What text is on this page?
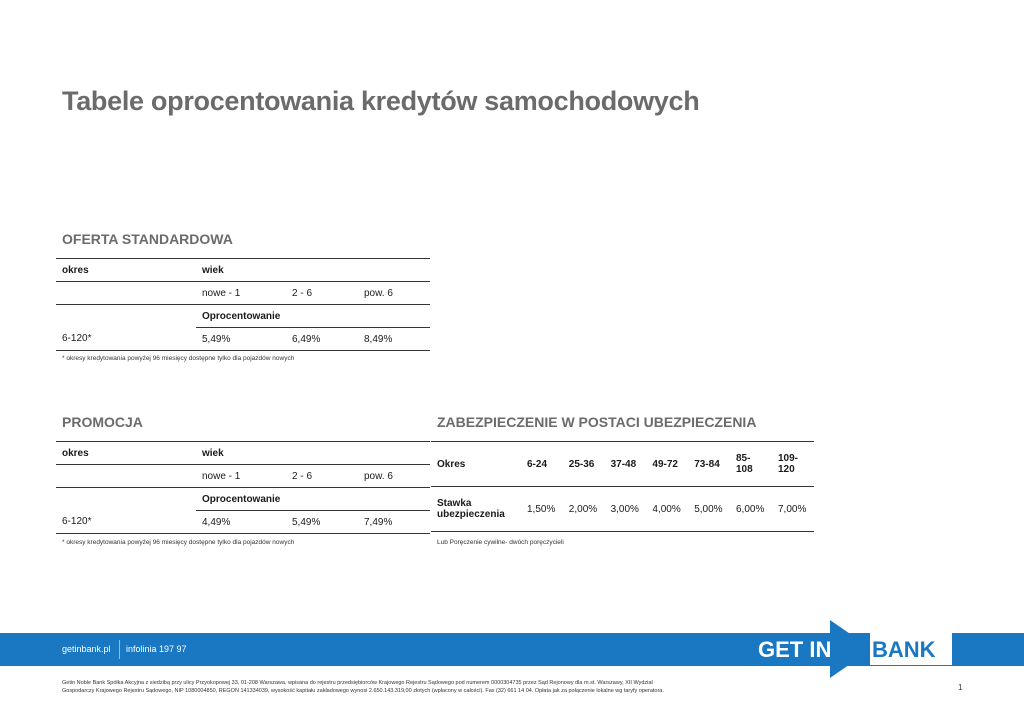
Tabele oprocentowania kredytów samochodowych
OFERTA STANDARDOWA
okres	wiek		
	nowe - 1	2 - 6	pow. 6
	Oprocentowanie		
6-120*	5,49%	6,49%	8,49%
* okresy kredytowania powyżej 96 miesięcy dostępne tylko dla pojazdów nowych
PROMOCJA
okres	wiek		
	nowe - 1	2 - 6	pow. 6
	Oprocentowanie		
6-120*	4,49%	5,49%	7,49%
* okresy kredytowania powyżej 96 miesięcy dostępne tylko dla pojazdów nowych
ZABEZPIECZENIE W POSTACI UBEZPIECZENIA
Okres	6-24	25-36	37-48	49-72	73-84	85-108	109-120
Stawka ubezpieczenia	1,50%	2,00%	3,00%	4,00%	5,00%	6,00%	7,00%
Lub Poręczenie cywilne- dwóch poręczycieli
getinbank.pl infolinia 197 97	GET IN BANK
Getin Noble Bank Spółka Akcyjna z siedzibą przy ulicy Przyokopowej 33, 01-208 Warszawa, wpisana do rejestru przedsiębiorców Krajowego Rejestru Sądowego pod numerem 0000304735 przez Sąd Rejonowy dla m.st. Warszawy, XII Wydział
Gospodarczy Krajowego Rejestru Sądowego, NIP 1080004850, REGON 141334039, wysokość kapitału zakładowego wynosi 2.650.143.319,00 złotych (wpłacony w całości). Fax (32) 661 14 04. Opłata jak za połączenie lokalne wg taryfy operatora.	1
